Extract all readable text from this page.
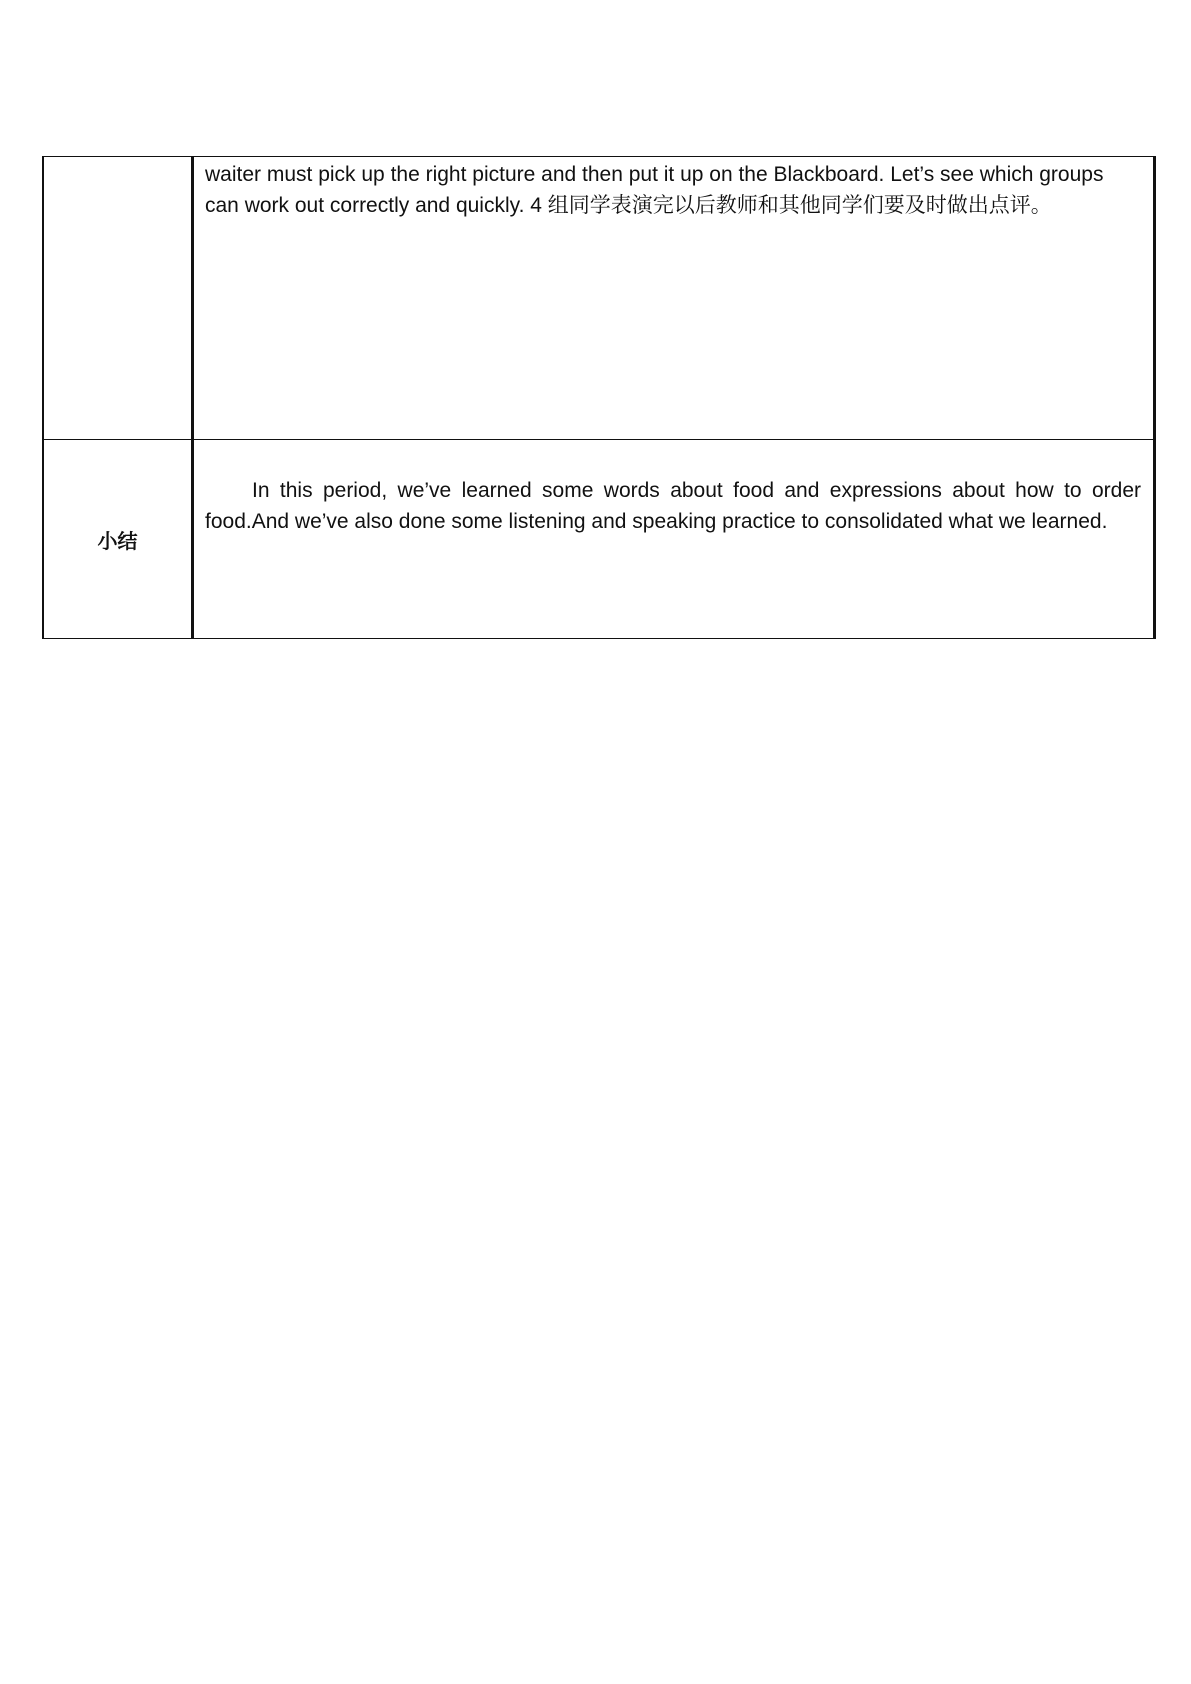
	waiter must pick up the right picture and then put it up on the Blackboard. Let’s see which groups can work out correctly and quickly. 4 组同学表演完以后教师和其他同学们要及时做出点评。

小结	In this period, we’ve learned some words about food and expressions about how to order food.And we’ve also done some listening and speaking practice to consolidated what we learned.
